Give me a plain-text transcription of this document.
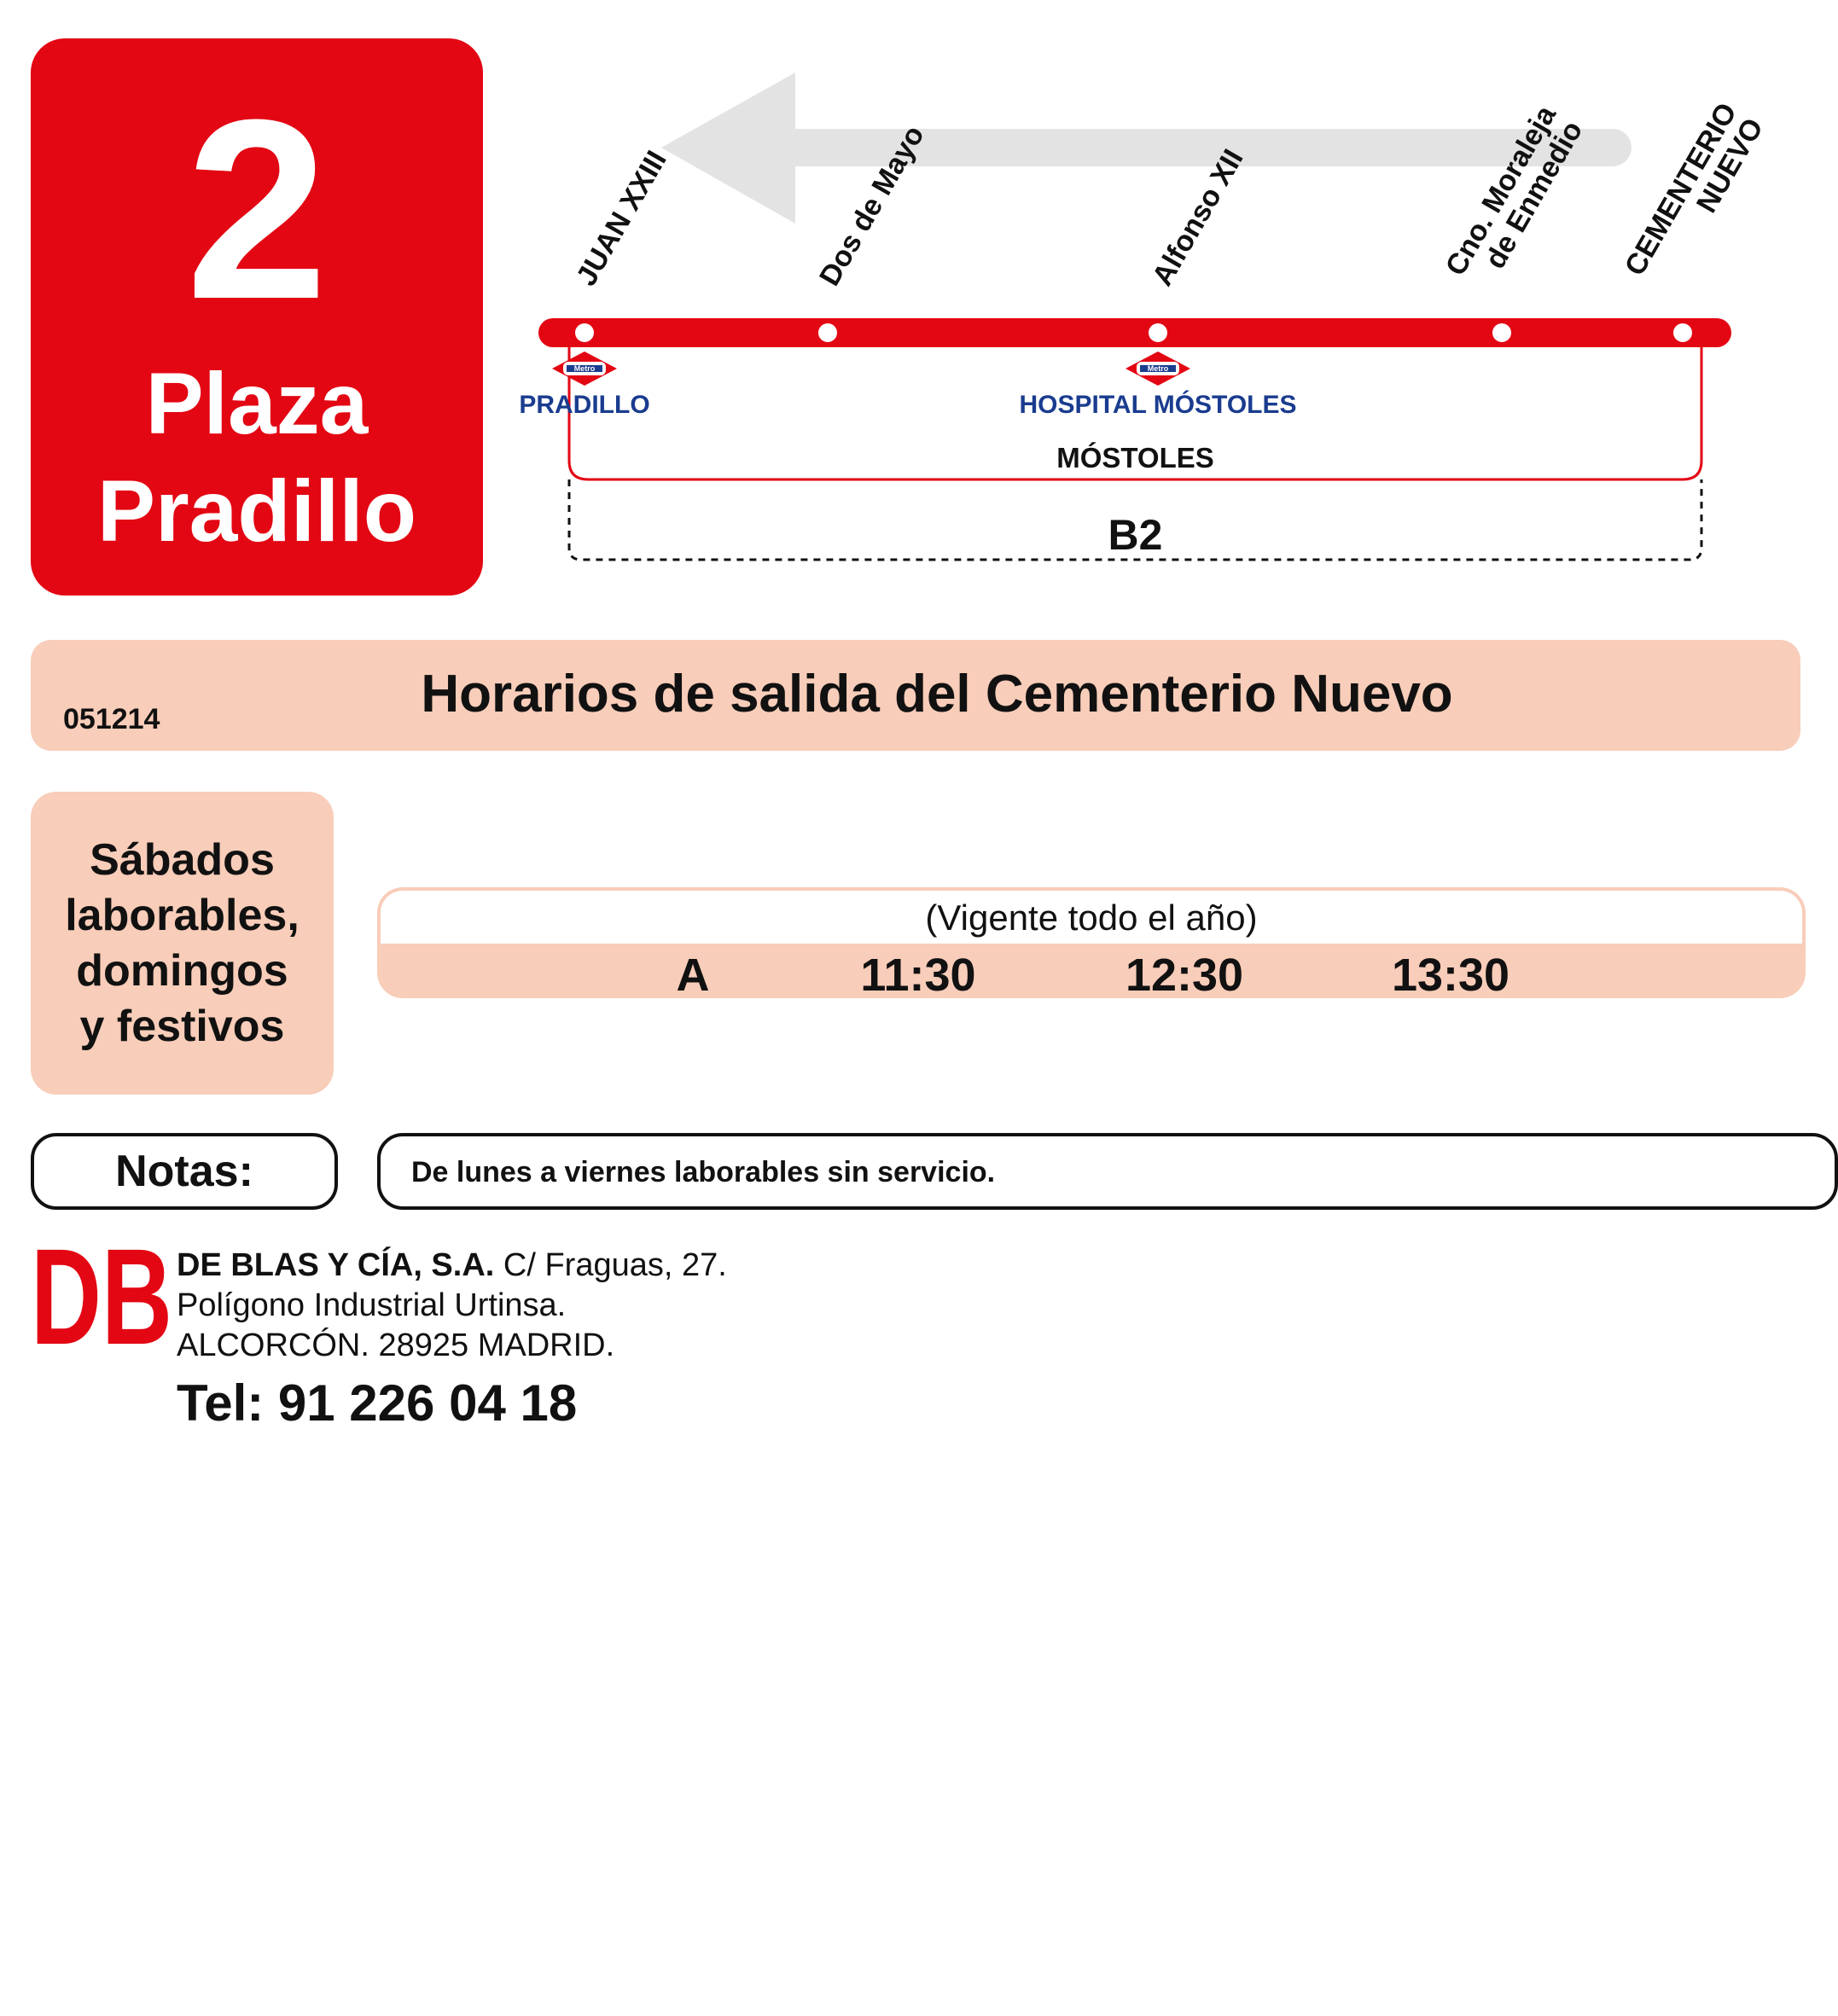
2
Plaza
Pradillo
Metro	Metro
JUAN XXIII	Dos de Mayo	Alfonso XII	Cno. Moraleja
de Enmedio CEMENTERIO
NUEVO
PRADILLO	HOSPITAL MÓSTOLES
MÓSTOLES
B2
Horarios de salida del Cementerio Nuevo
051214
Sábados
laborables,
domingos
y festivos
(Vigente todo el año)
A	11:30	12:30	13:30
Notas:	De lunes a viernes laborables sin servicio.
DB DE BLAS Y CÍA, S.A. C/ Fraguas, 27.
Polígono Industrial Urtinsa.
ALCORCÓN. 28925 MADRID.
Tel: 91 226 04 18
